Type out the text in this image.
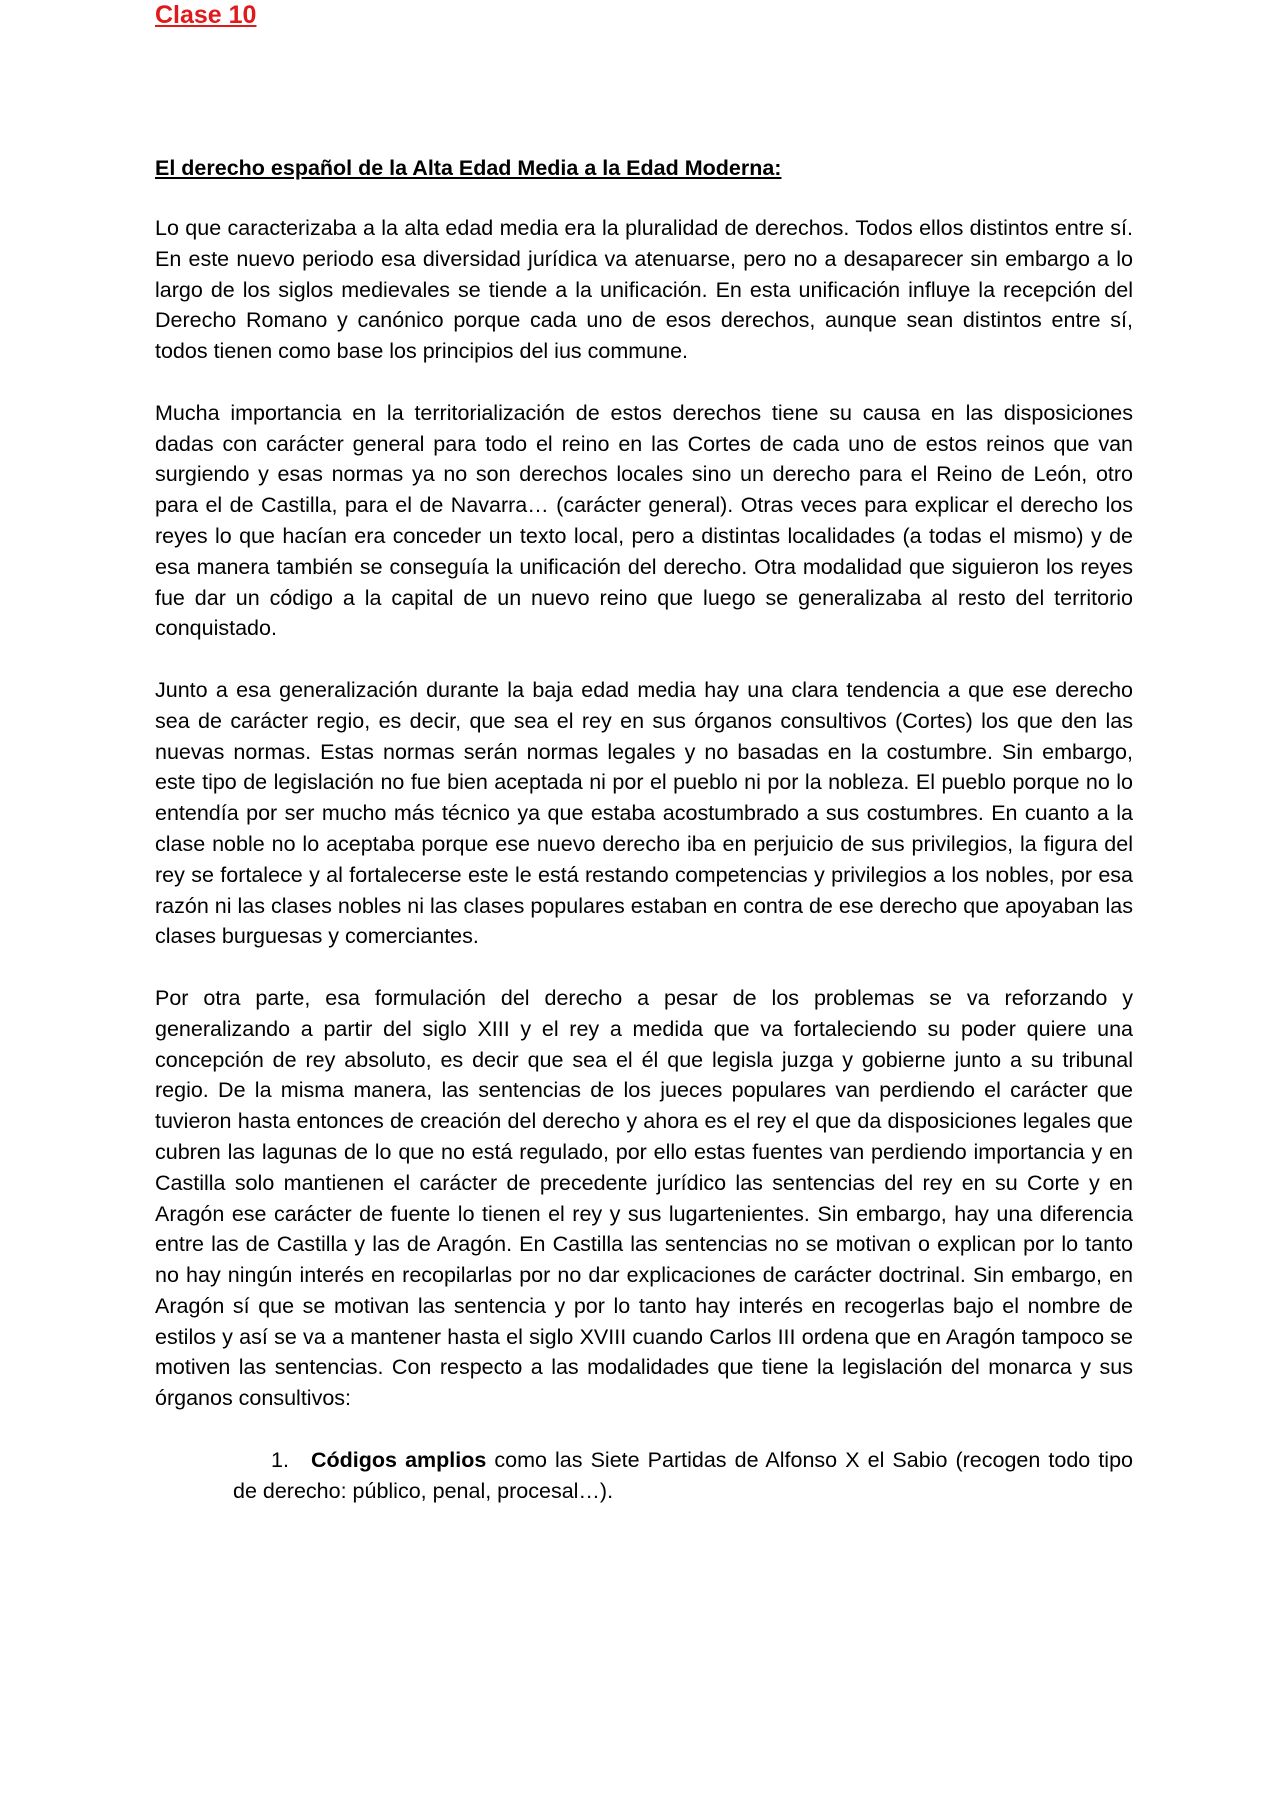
Clase 10
El derecho español de la Alta Edad Media a la Edad Moderna:

Lo que caracterizaba a la alta edad media era la pluralidad de derechos. Todos ellos distintos entre sí. En este nuevo periodo esa diversidad jurídica va atenuarse, pero no a desaparecer sin embargo a lo largo de los siglos medievales se tiende a la unificación. En esta unificación influye la recepción del Derecho Romano y canónico porque cada uno de esos derechos, aunque sean distintos entre sí, todos tienen como base los principios del ius commune.

Mucha importancia en la territorialización de estos derechos tiene su causa en las disposiciones dadas con carácter general para todo el reino en las Cortes de cada uno de estos reinos que van surgiendo y esas normas ya no son derechos locales sino un derecho para el Reino de León, otro para el de Castilla, para el de Navarra… (carácter general). Otras veces para explicar el derecho los reyes lo que hacían era conceder un texto local, pero a distintas localidades (a todas el mismo) y de esa manera también se conseguía la unificación del derecho. Otra modalidad que siguieron los reyes fue dar un código a la capital de un nuevo reino que luego se generalizaba al resto del territorio conquistado.

Junto a esa generalización durante la baja edad media hay una clara tendencia a que ese derecho sea de carácter regio, es decir, que sea el rey en sus órganos consultivos (Cortes) los que den las nuevas normas. Estas normas serán normas legales y no basadas en la costumbre. Sin embargo, este tipo de legislación no fue bien aceptada ni por el pueblo ni por la nobleza. El pueblo porque no lo entendía por ser mucho más técnico ya que estaba acostumbrado a sus costumbres. En cuanto a la clase noble no lo aceptaba porque ese nuevo derecho iba en perjuicio de sus privilegios, la figura del rey se fortalece y al fortalecerse este le está restando competencias y privilegios a los nobles, por esa razón ni las clases nobles ni las clases populares estaban en contra de ese derecho que apoyaban las clases burguesas y comerciantes.

Por otra parte, esa formulación del derecho a pesar de los problemas se va reforzando y generalizando a partir del siglo XIII y el rey a medida que va fortaleciendo su poder quiere una concepción de rey absoluto, es decir que sea el él que legisla juzga y gobierne junto a su tribunal regio. De la misma manera, las sentencias de los jueces populares van perdiendo el carácter que tuvieron hasta entonces de creación del derecho y ahora es el rey el que da disposiciones legales que cubren las lagunas de lo que no está regulado, por ello estas fuentes van perdiendo importancia y en Castilla solo mantienen el carácter de precedente jurídico las sentencias del rey en su Corte y en Aragón ese carácter de fuente lo tienen el rey y sus lugartenientes. Sin embargo, hay una diferencia entre las de Castilla y las de Aragón. En Castilla las sentencias no se motivan o explican por lo tanto no hay ningún interés en recopilarlas por no dar explicaciones de carácter doctrinal. Sin embargo, en Aragón sí que se motivan las sentencia y por lo tanto hay interés en recogerlas bajo el nombre de estilos y así se va a mantener hasta el siglo XVIII cuando Carlos III ordena que en Aragón tampoco se motiven las sentencias. Con respecto a las modalidades que tiene la legislación del monarca y sus órganos consultivos:

1. Códigos amplios como las Siete Partidas de Alfonso X el Sabio (recogen todo tipo de derecho: público, penal, procesal…).
